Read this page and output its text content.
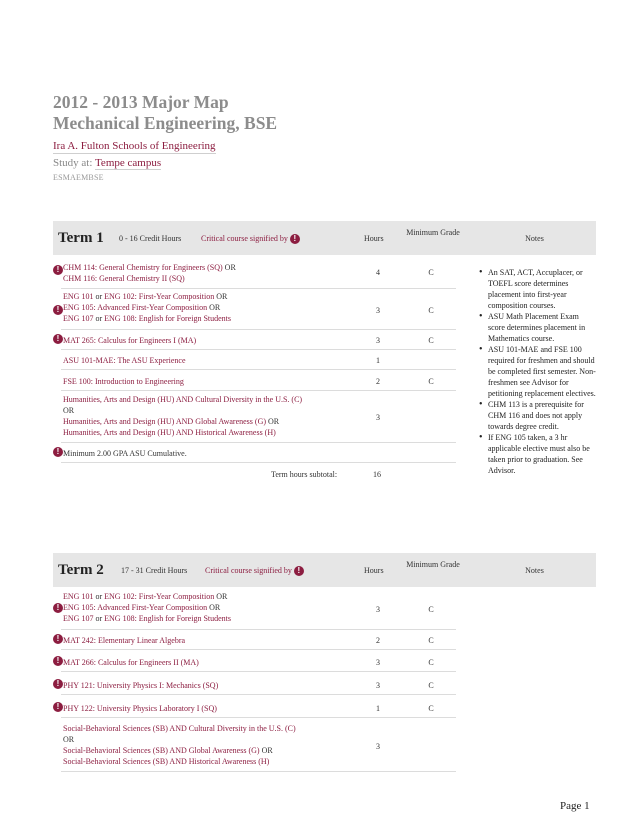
2012 - 2013 Major Map
Mechanical Engineering, BSE
Ira A. Fulton Schools of Engineering
Study at: Tempe campus
ESMAEMBSE
Term 1 0 - 16 Credit Hours Critical course signified by !	Hours
Minimum Grade
Notes
! CHM 114: General Chemistry for Engineers (SQ) OR
CHM 116: General Chemistry II (SQ)
4	C
!
ENG 101 or ENG 102: First-Year Composition OR
ENG 105: Advanced First-Year Composition OR
ENG 107 or ENG 108: English for Foreign Students
3	C
! MAT 265: Calculus for Engineers I (MA)	3	C
ASU 101-MAE: The ASU Experience	1
FSE 100: Introduction to Engineering	2	C
Humanities, Arts and Design (HU) AND Cultural Diversity in the U.S. (C)
OR
Humanities, Arts and Design (HU) AND Global Awareness (G) OR
Humanities, Arts and Design (HU) AND Historical Awareness (H)
3
! Minimum 2.00 GPA ASU Cumulative.
Term hours subtotal:	16
• An SAT, ACT, Accuplacer, or TOEFL score determines placement into first-year composition courses.
• ASU Math Placement Exam score determines placement in Mathematics course.
• ASU 101-MAE and FSE 100 required for freshmen and should be completed first semester. Non-freshmen see Advisor for petitioning replacement electives.
• CHM 113 is a prerequisite for CHM 116 and does not apply towards degree credit.
• If ENG 105 taken, a 3 hr applicable elective must also be taken prior to graduation. See Advisor.
Term 2 17 - 31 Credit Hours Critical course signified by !	Hours
Minimum Grade
Notes
!
ENG 101 or ENG 102: First-Year Composition OR
ENG 105: Advanced First-Year Composition OR
ENG 107 or ENG 108: English for Foreign Students
3	C
! MAT 242: Elementary Linear Algebra	2	C
! MAT 266: Calculus for Engineers II (MA)	3	C
! PHY 121: University Physics I: Mechanics (SQ)	3	C
! PHY 122: University Physics Laboratory I (SQ)	1	C
Social-Behavioral Sciences (SB) AND Cultural Diversity in the U.S. (C)
OR
Social-Behavioral Sciences (SB) AND Global Awareness (G) OR
Social-Behavioral Sciences (SB) AND Historical Awareness (H)
3
Page 1
